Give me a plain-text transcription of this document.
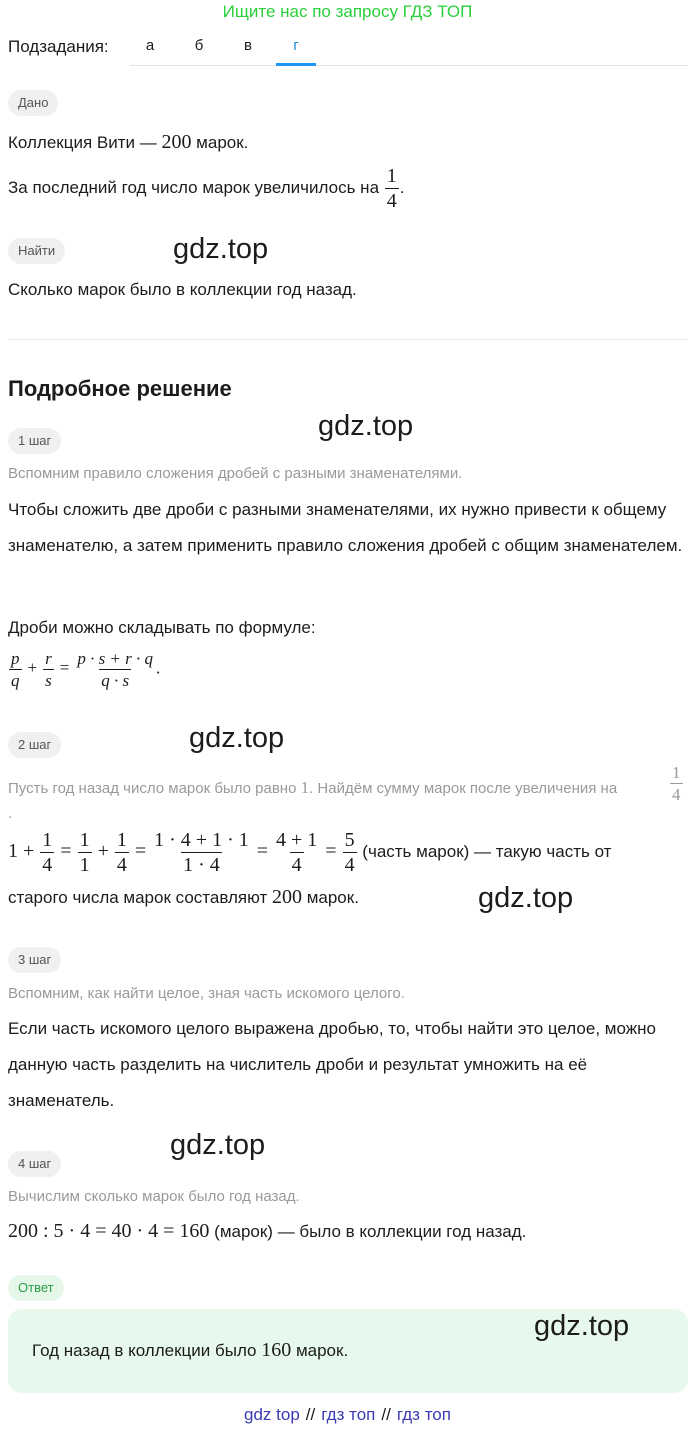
Ищите нас по запросу ГДЗ ТОП
Подзадания:	а	б	в	г
Дано
Коллекция Вити — 200 марок.
За последний год число марок увеличилось на $\frac{1}{4}$ .
Найти	gdz.top
Сколько марок было в коллекции год назад.
Подробное решение
gdz.top
1 шаг
Вспомним правило сложения дробей с разными знаменателями.
Чтобы сложить две дроби с разными знаменателями, их нужно привести к общему знаменателю, а затем применить правило сложения дробей с общим знаменателем.
Дроби можно складывать по формуле:
$\frac{p}{q} + \frac{r}{s} = \frac{p \cdot s + r \cdot q}{q \cdot s}$ .
2 шаг	gdz.top
Пусть год назад число марок было равно 1. Найдём сумму марок после увеличения на	$\frac{1}{4}$
.
$1 + \frac{1}{4} = \frac{1}{1} + \frac{1}{4} = \frac{1 \cdot 4 + 1 \cdot 1}{1 \cdot 4} = \frac{4 + 1}{4} = \frac{5}{4}$ (часть марок) — такую часть от
старого числа марок составляют 200 марок.	gdz.top
3 шаг
Вспомним, как найти целое, зная часть искомого целого.
Если часть искомого целого выражена дробью, то, чтобы найти это целое, можно данную часть разделить на числитель дроби и результат умножить на её знаменатель.
gdz.top
4 шаг
Вычислим сколько марок было год назад.
200 : 5 · 4 = 40 · 4 = 160 (марок) — было в коллекции год назад.
Ответ
Год назад в коллекции было 160 марок.
gdz.top
gdz top // гдз топ // гдз топ
